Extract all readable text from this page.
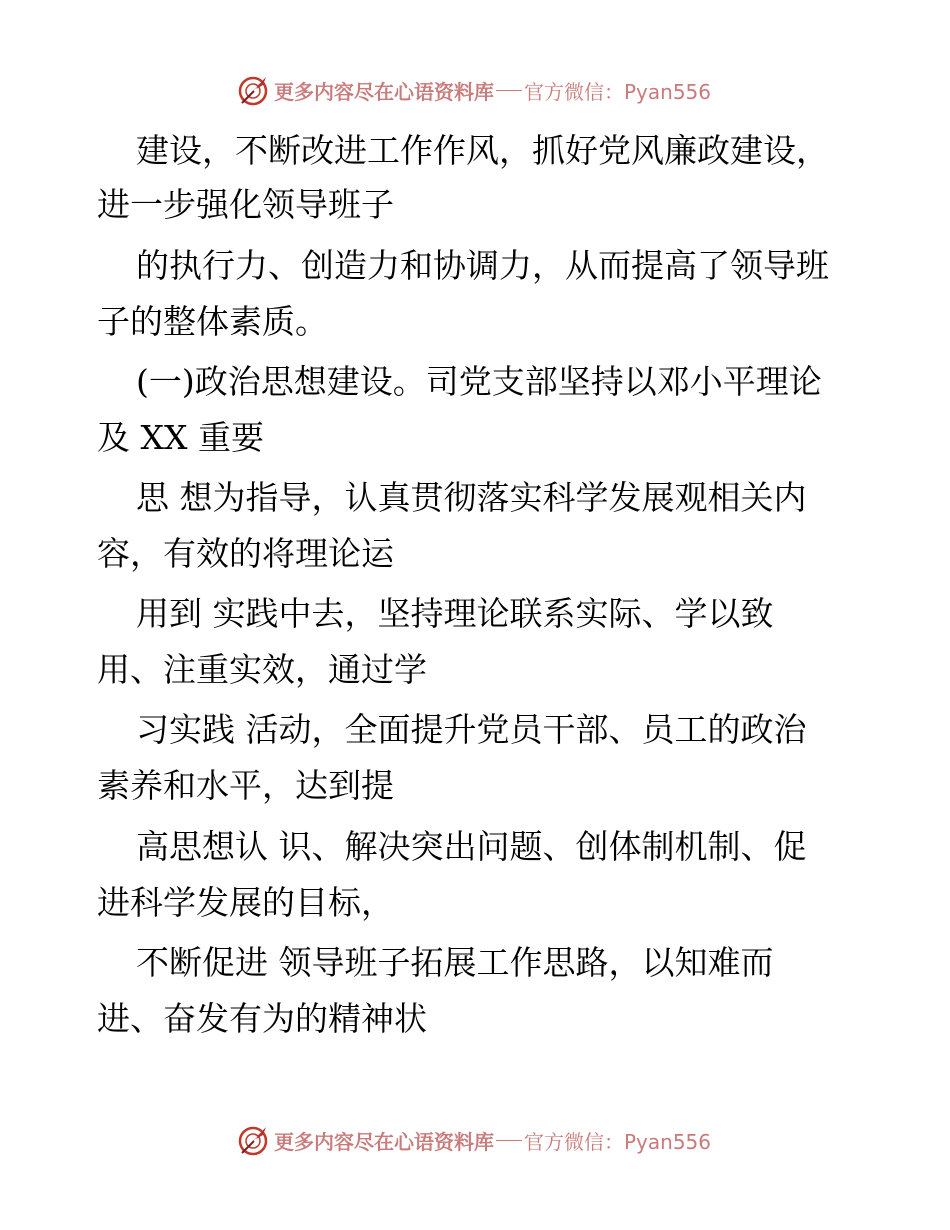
更多内容尽在心语资料库 官方微信：Pyan556
建设，不断改进工作作风，抓好党风廉政建设，
进一步强化领导班子
的执行力、创造力和协调力，从而提高了领导班
子的整体素质。
(一)政治思想建设。司党支部坚持以邓小平理论
及 XX 重要
思 想为指导，认真贯彻落实科学发展观相关内
容，有效的将理论运
用到 实践中去，坚持理论联系实际、学以致
用、注重实效，通过学
习实践 活动，全面提升党员干部、员工的政治
素养和水平，达到提
高思想认 识、解决突出问题、创体制机制、促
进科学发展的目标，
不断促进 领导班子拓展工作思路，以知难而
进、奋发有为的精神状
更多内容尽在心语资料库 官方微信：Pyan556
